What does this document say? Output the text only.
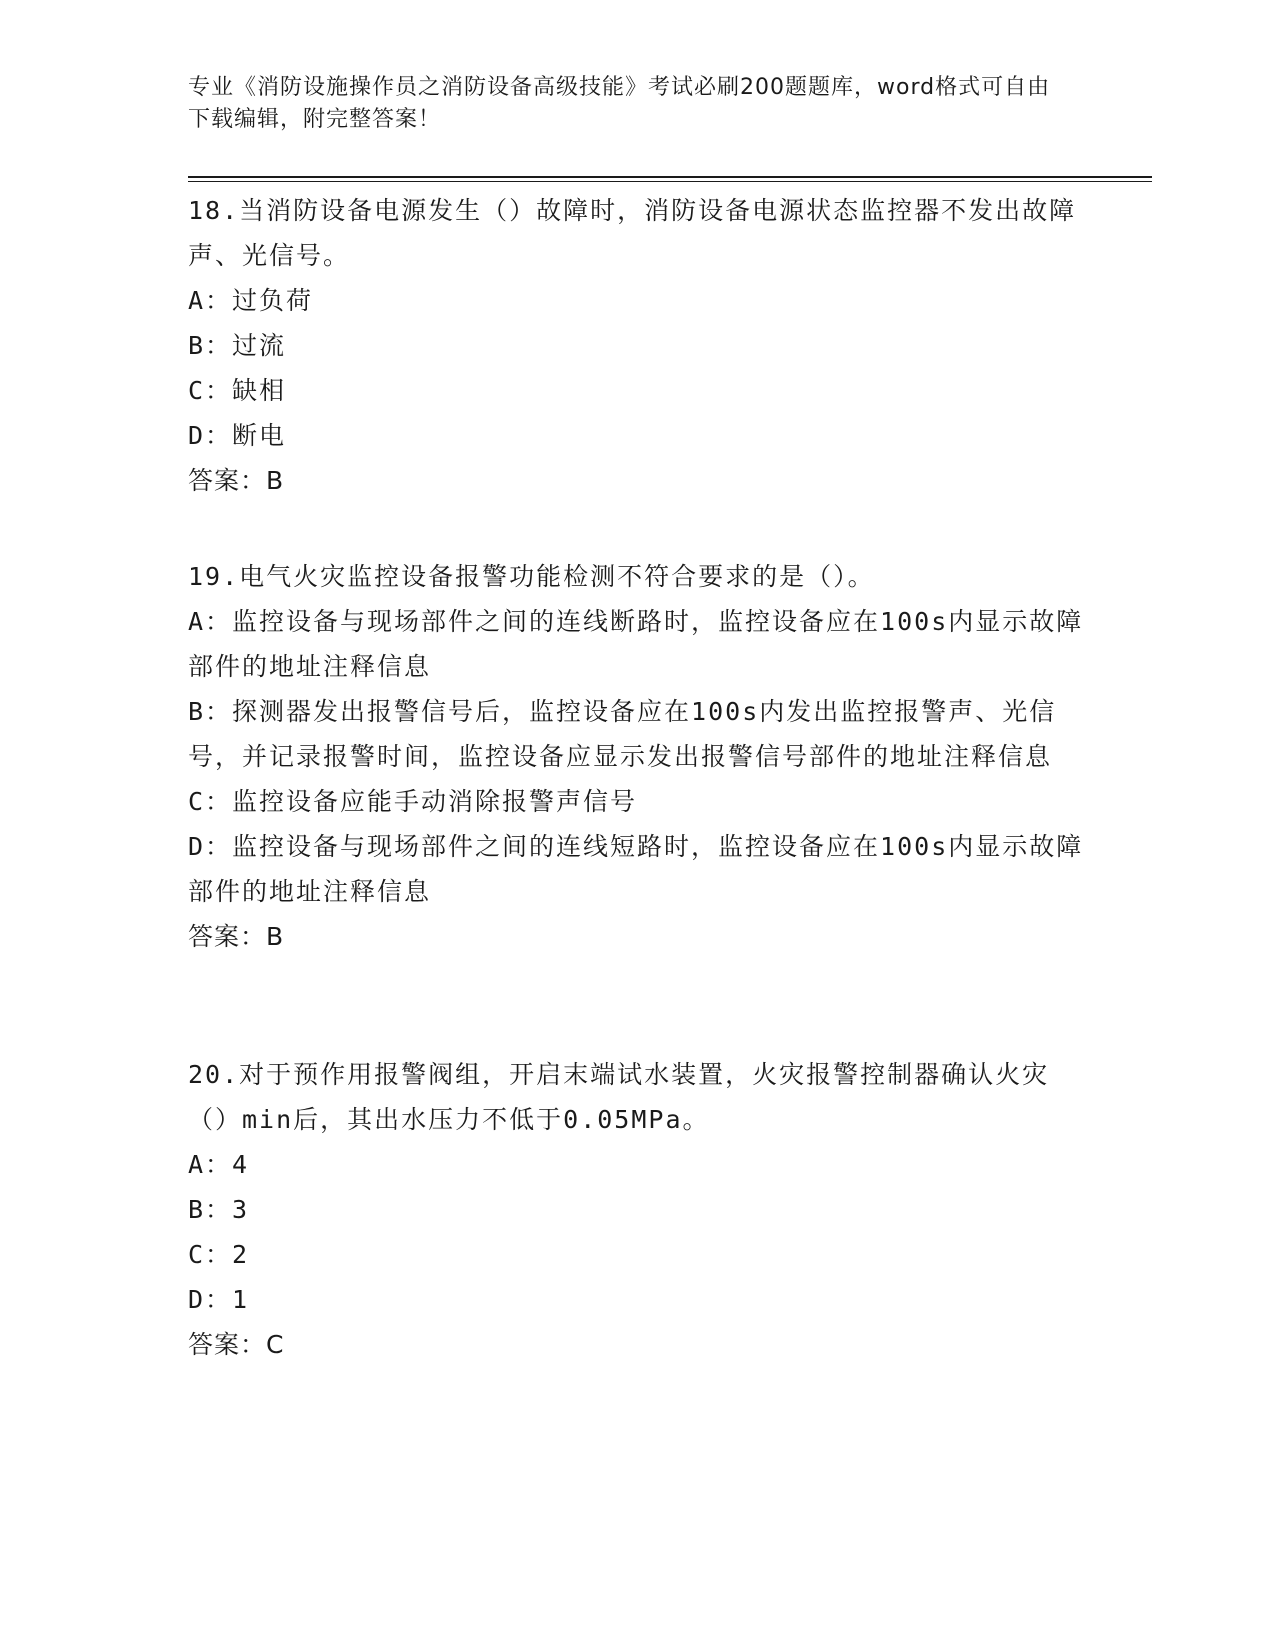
专业《消防设施操作员之消防设备高级技能》考试必刷200题题库，word格式可自由下载编辑，附完整答案！

18.当消防设备电源发生（）故障时，消防设备电源状态监控器不发出故障声、光信号。

A：过负荷

B：过流

C：缺相

D：断电

答案：B

19.电气火灾监控设备报警功能检测不符合要求的是（）。

A：监控设备与现场部件之间的连线断路时，监控设备应在100s内显示故障部件的地址注释信息

B：探测器发出报警信号后，监控设备应在100s内发出监控报警声、光信号，并记录报警时间，监控设备应显示发出报警信号部件的地址注释信息

C：监控设备应能手动消除报警声信号

D：监控设备与现场部件之间的连线短路时，监控设备应在100s内显示故障部件的地址注释信息

答案：B

20.对于预作用报警阀组，开启末端试水装置，火灾报警控制器确认火灾（）min后，其出水压力不低于0.05MPa。

A：4

B：3

C：2

D：1

答案：C
